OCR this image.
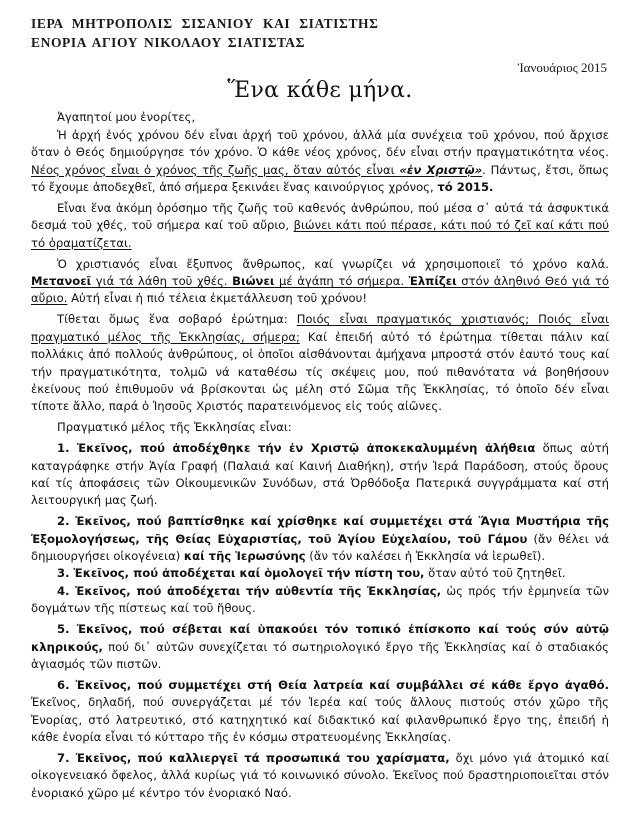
ΙΕΡΑ ΜΗΤΡΟΠΟΛΙΣ ΣΙΣΑΝΙΟΥ ΚΑΙ ΣΙΑΤΙΣΤΗΣ
ΕΝΟΡΙΑ ΑΓΙΟΥ ΝΙΚΟΛΑΟΥ ΣΙΑΤΙΣΤΑΣ
Ἰανουάριος 2015
Ἕνα κάθε μήνα.

Ἀγαπητοί μου ἐνορίτες,

Ἡ ἀρχή ἑνός χρόνου δέν εἶναι ἀρχή τοῦ χρόνου, ἀλλά μία συνέχεια τοῦ χρόνου, πού ἄρχισε ὅταν ὁ Θεός δημιούργησε τόν χρόνο. Ὁ κάθε νέος χρόνος, δέν εἶναι στήν πραγματικότητα νέος. Νέος χρόνος εἶναι ὁ χρόνος τῆς ζωῆς μας, ὅταν αὐτός εἶναι «ἐν Χριστῷ». Πάντως, ἔτσι, ὅπως τό ἔχουμε ἀποδεχθεῖ, ἀπό σήμερα ξεκινάει ἕνας καινούργιος χρόνος, τό 2015.

Εἶναι ἕνα ἀκόμη ὁρόσημο τῆς ζωῆς τοῦ καθενός ἀνθρώπου, πού μέσα σ᾽ αὐτά τά ἀσφυκτικά δεσμά τοῦ χθές, τοῦ σήμερα καί τοῦ αὔριο, βιώνει κάτι πού πέρασε, κάτι πού τό ζεῖ καί κάτι πού τό ὁραματίζεται.

Ὁ χριστιανός εἶναι ἔξυπνος ἄνθρωπος, καί γνωρίζει νά χρησιμοποιεῖ τό χρόνο καλά. Μετανοεῖ γιά τά λάθη τοῦ χθές. Βιώνει μέ ἀγάπη τό σήμερα. Ἐλπίζει στόν ἀληθινό Θεό γιά τό αὔριο. Αὐτή εἶναι ἡ πιό τέλεια ἐκμετάλλευση τοῦ χρόνου!

Τίθεται ὅμως ἕνα σοβαρό ἐρώτημα: Ποιός εἶναι πραγματικός χριστιανός; Ποιός εἶναι πραγματικό μέλος τῆς Ἐκκλησίας, σήμερα; Καί ἐπειδή αὐτό τό ἐρώτημα τίθεται πάλιν καί πολλάκις ἀπό πολλούς ἀνθρώπους, οἱ ὁποῖοι αἰσθάνονται ἀμήχανα μπροστά στόν ἑαυτό τους καί τήν πραγματικότητα, τολμῶ νά καταθέσω τίς σκέψεις μου, πού πιθανότατα νά βοηθήσουν ἐκείνους πού ἐπιθυμοῦν νά βρίσκονται ὡς μέλη στό Σῶμα τῆς Ἐκκλησίας, τό ὁποῖο δέν εἶναι τίποτε ἄλλο, παρά ὁ Ἰησοῦς Χριστός παρατεινόμενος εἰς τούς αἰῶνες.

Πραγματικό μέλος τῆς Ἐκκλησίας εἶναι:

1. Ἐκεῖνος, πού ἀποδέχθηκε τήν ἐν Χριστῷ ἀποκεκαλυμμένη ἀλήθεια ὅπως αὐτή καταγράφηκε στήν Ἁγία Γραφή (Παλαιά καί Καινή Διαθήκη), στήν Ἱερά Παράδοση, στούς ὅρους καί τίς ἀποφάσεις τῶν Οἰκουμενικῶν Συνόδων, στά Ὀρθόδοξα Πατερικά συγγράμματα καί στή λειτουργική μας ζωή.

2. Ἐκεῖνος, πού βαπτίσθηκε καί χρίσθηκε καί συμμετέχει στά Ἅγια Μυστήρια τῆς Ἐξομολογήσεως, τῆς Θείας Εὐχαριστίας, τοῦ Ἁγίου Εὐχελαίου, τοῦ Γάμου (ἄν θέλει νά δημιουργήσει οἰκογένεια) καί τῆς Ἱερωσύνης (ἄν τόν καλέσει ἡ Ἐκκλησία νά ἱερωθεῖ).

3. Ἐκεῖνος, πού ἀποδέχεται καί ὁμολογεῖ τήν πίστη του, ὅταν αὐτό τοῦ ζητηθεῖ.

4. Ἐκεῖνος, πού ἀποδέχεται τήν αὐθεντία τῆς Ἐκκλησίας, ὡς πρός τήν ἑρμηνεία τῶν δογμάτων τῆς πίστεως καί τοῦ ἤθους.

5. Ἐκεῖνος, πού σέβεται καί ὑπακούει τόν τοπικό ἐπίσκοπο καί τούς σύν αὐτῷ κληρικούς, πού δι᾽ αὐτῶν συνεχίζεται τό σωτηριολογικό ἔργο τῆς Ἐκκλησίας καί ὁ σταδιακός ἁγιασμός τῶν πιστῶν.

6. Ἐκεῖνος, πού συμμετέχει στή Θεία λατρεία καί συμβάλλει σέ κάθε ἔργο ἀγαθό. Ἐκεῖνος, δηλαδή, πού συνεργάζεται μέ τόν Ἱερέα καί τούς ἄλλους πιστούς στόν χῶρο τῆς Ἐνορίας, στό λατρευτικό, στό κατηχητικό καί διδακτικό καί φιλανθρωπικό ἔργο της, ἐπειδή ἡ κάθε ἐνορία εἶναι τό κύτταρο τῆς ἐν κόσμω στρατευομένης Ἐκκλησίας.

7. Ἐκεῖνος, πού καλλιεργεῖ τά προσωπικά του χαρίσματα, ὄχι μόνο γιά ἀτομικό καί οἰκογενειακό ὄφελος, ἀλλά κυρίως γιά τό κοινωνικό σύνολο. Ἐκεῖνος πού δραστηριοποιεῖται στόν ἐνοριακό χῶρο μέ κέντρο τόν ἐνοριακό Ναό.
